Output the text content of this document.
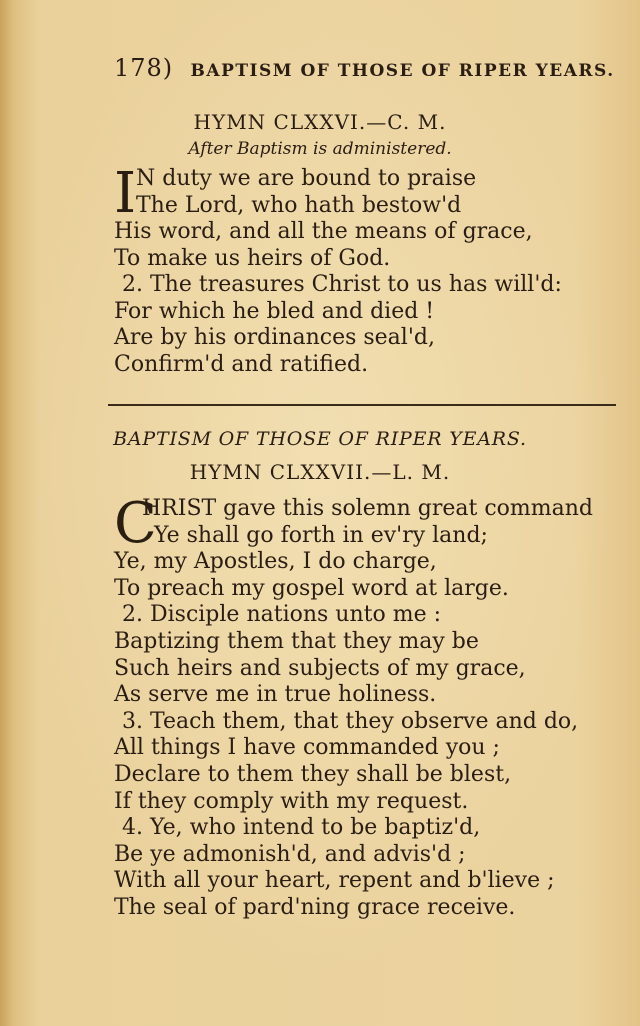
178) BAPTISM OF THOSE OF RIPER YEARS.
HYMN CLXXVI.—C. M.
After Baptism is administered.
I N duty we are bound to praise
The Lord, who hath bestow'd
His word, and all the means of grace,
To make us heirs of God.
2. The treasures Christ to us has will'd:
For which he bled and died !
Are by his ordinances seal'd,
Confirm'd and ratified.
BAPTISM OF THOSE OF RIPER YEARS.
HYMN CLXXVII.—L. M.
C
HRIST gave this solemn great command
Ye shall go forth in ev'ry land;
Ye, my Apostles, I do charge,
To preach my gospel word at large.
2. Disciple nations unto me :
Baptizing them that they may be
Such heirs and subjects of my grace,
As serve me in true holiness.
3. Teach them, that they observe and do,
All things I have commanded you ;
Declare to them they shall be blest,
If they comply with my request.
4. Ye, who intend to be baptiz'd,
Be ye admonish'd, and advis'd ;
With all your heart, repent and b'lieve ;
The seal of pard'ning grace receive.
